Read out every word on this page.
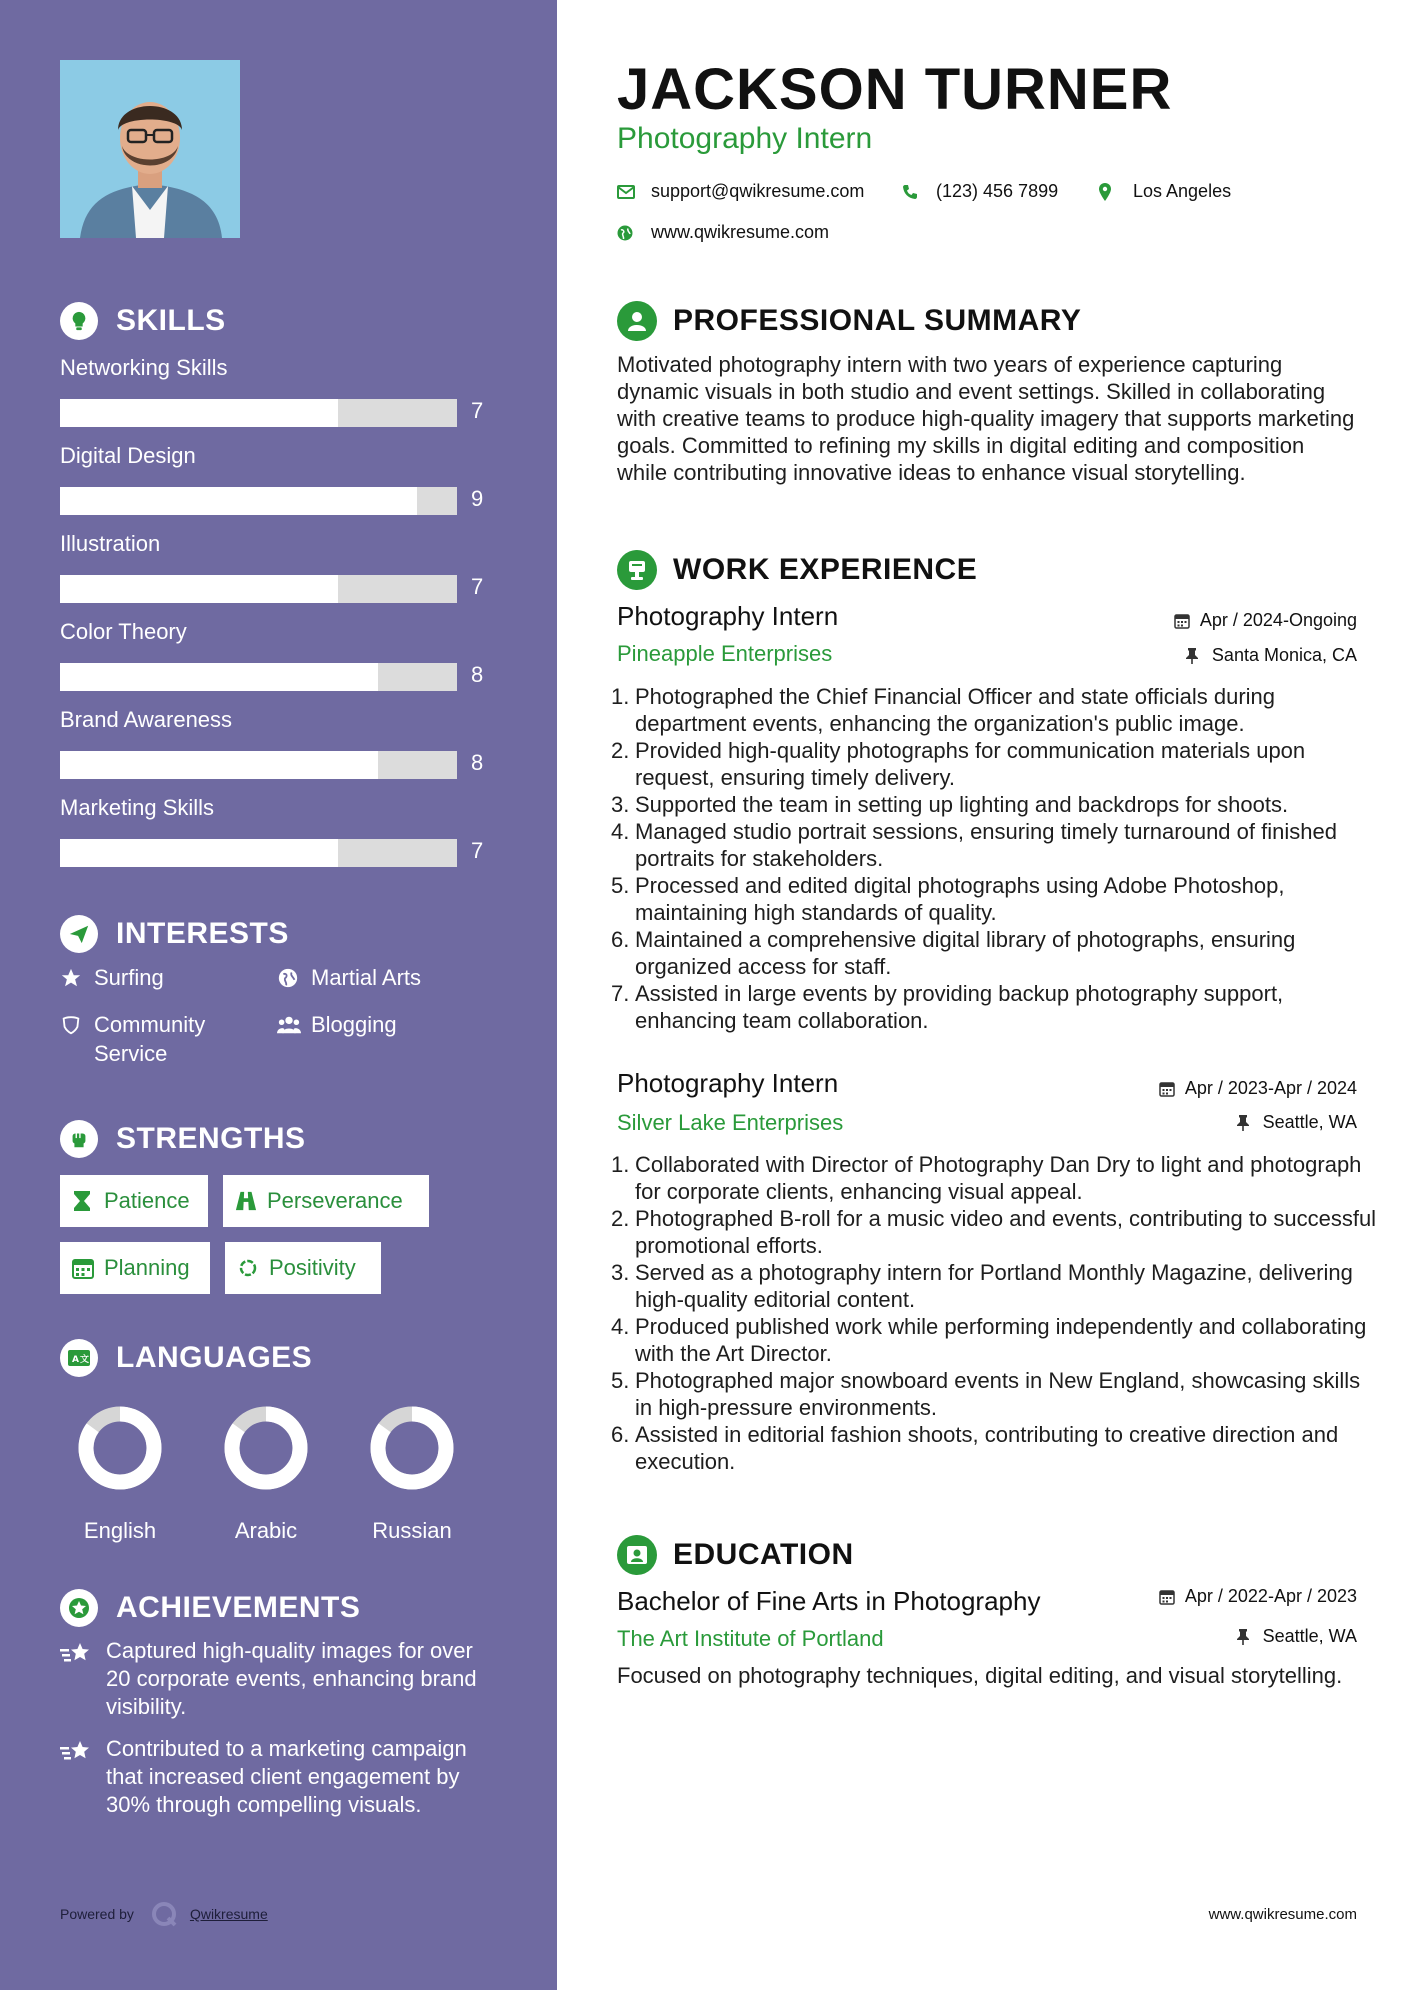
SKILLS
Networking Skills
7
Digital Design
9
Illustration
7
Color Theory
8
Brand Awareness
8
Marketing Skills
7
INTERESTS
Surfing	Martial Arts
Community Service
Blogging
STRENGTHS
Patience	Perseverance
Planning	Positivity
A 文 LANGUAGES
English	Arabic	Russian
ACHIEVEMENTS
Captured high-quality images for over 20 corporate events, enhancing brand visibility.
Contributed to a marketing campaign that increased client engagement by 30% through compelling visuals.
Powered by	Qwikresume
JACKSON TURNER
Photography Intern
support@qwikresume.com	(123) 456 7899	Los Angeles
www.qwikresume.com
PROFESSIONAL SUMMARY
Motivated photography intern with two years of experience capturing dynamic visuals in both studio and event settings. Skilled in collaborating with creative teams to produce high-quality imagery that supports marketing goals. Committed to refining my skills in digital editing and composition while contributing innovative ideas to enhance visual storytelling.
WORK EXPERIENCE
Photography Intern	Apr / 2024-Ongoing
Pineapple Enterprises	Santa Monica, CA
1. Photographed the Chief Financial Officer and state officials during department events, enhancing the organization's public image.
2. Provided high-quality photographs for communication materials upon request, ensuring timely delivery.
3. Supported the team in setting up lighting and backdrops for shoots.
4. Managed studio portrait sessions, ensuring timely turnaround of finished portraits for stakeholders.
5. Processed and edited digital photographs using Adobe Photoshop, maintaining high standards of quality.
6. Maintained a comprehensive digital library of photographs, ensuring organized access for staff.
7. Assisted in large events by providing backup photography support, enhancing team collaboration.
Photography Intern	Apr / 2023-Apr / 2024
Silver Lake Enterprises	Seattle, WA
1. Collaborated with Director of Photography Dan Dry to light and photograph for corporate clients, enhancing visual appeal.
2. Photographed B-roll for a music video and events, contributing to successful promotional efforts.
3. Served as a photography intern for Portland Monthly Magazine, delivering high-quality editorial content.
4. Produced published work while performing independently and collaborating with the Art Director.
5. Photographed major snowboard events in New England, showcasing skills in high-pressure environments.
6. Assisted in editorial fashion shoots, contributing to creative direction and execution.
EDUCATION
Bachelor of Fine Arts in Photography	Apr / 2022-Apr / 2023
The Art Institute of Portland	Seattle, WA
Focused on photography techniques, digital editing, and visual storytelling.
www.qwikresume.com
